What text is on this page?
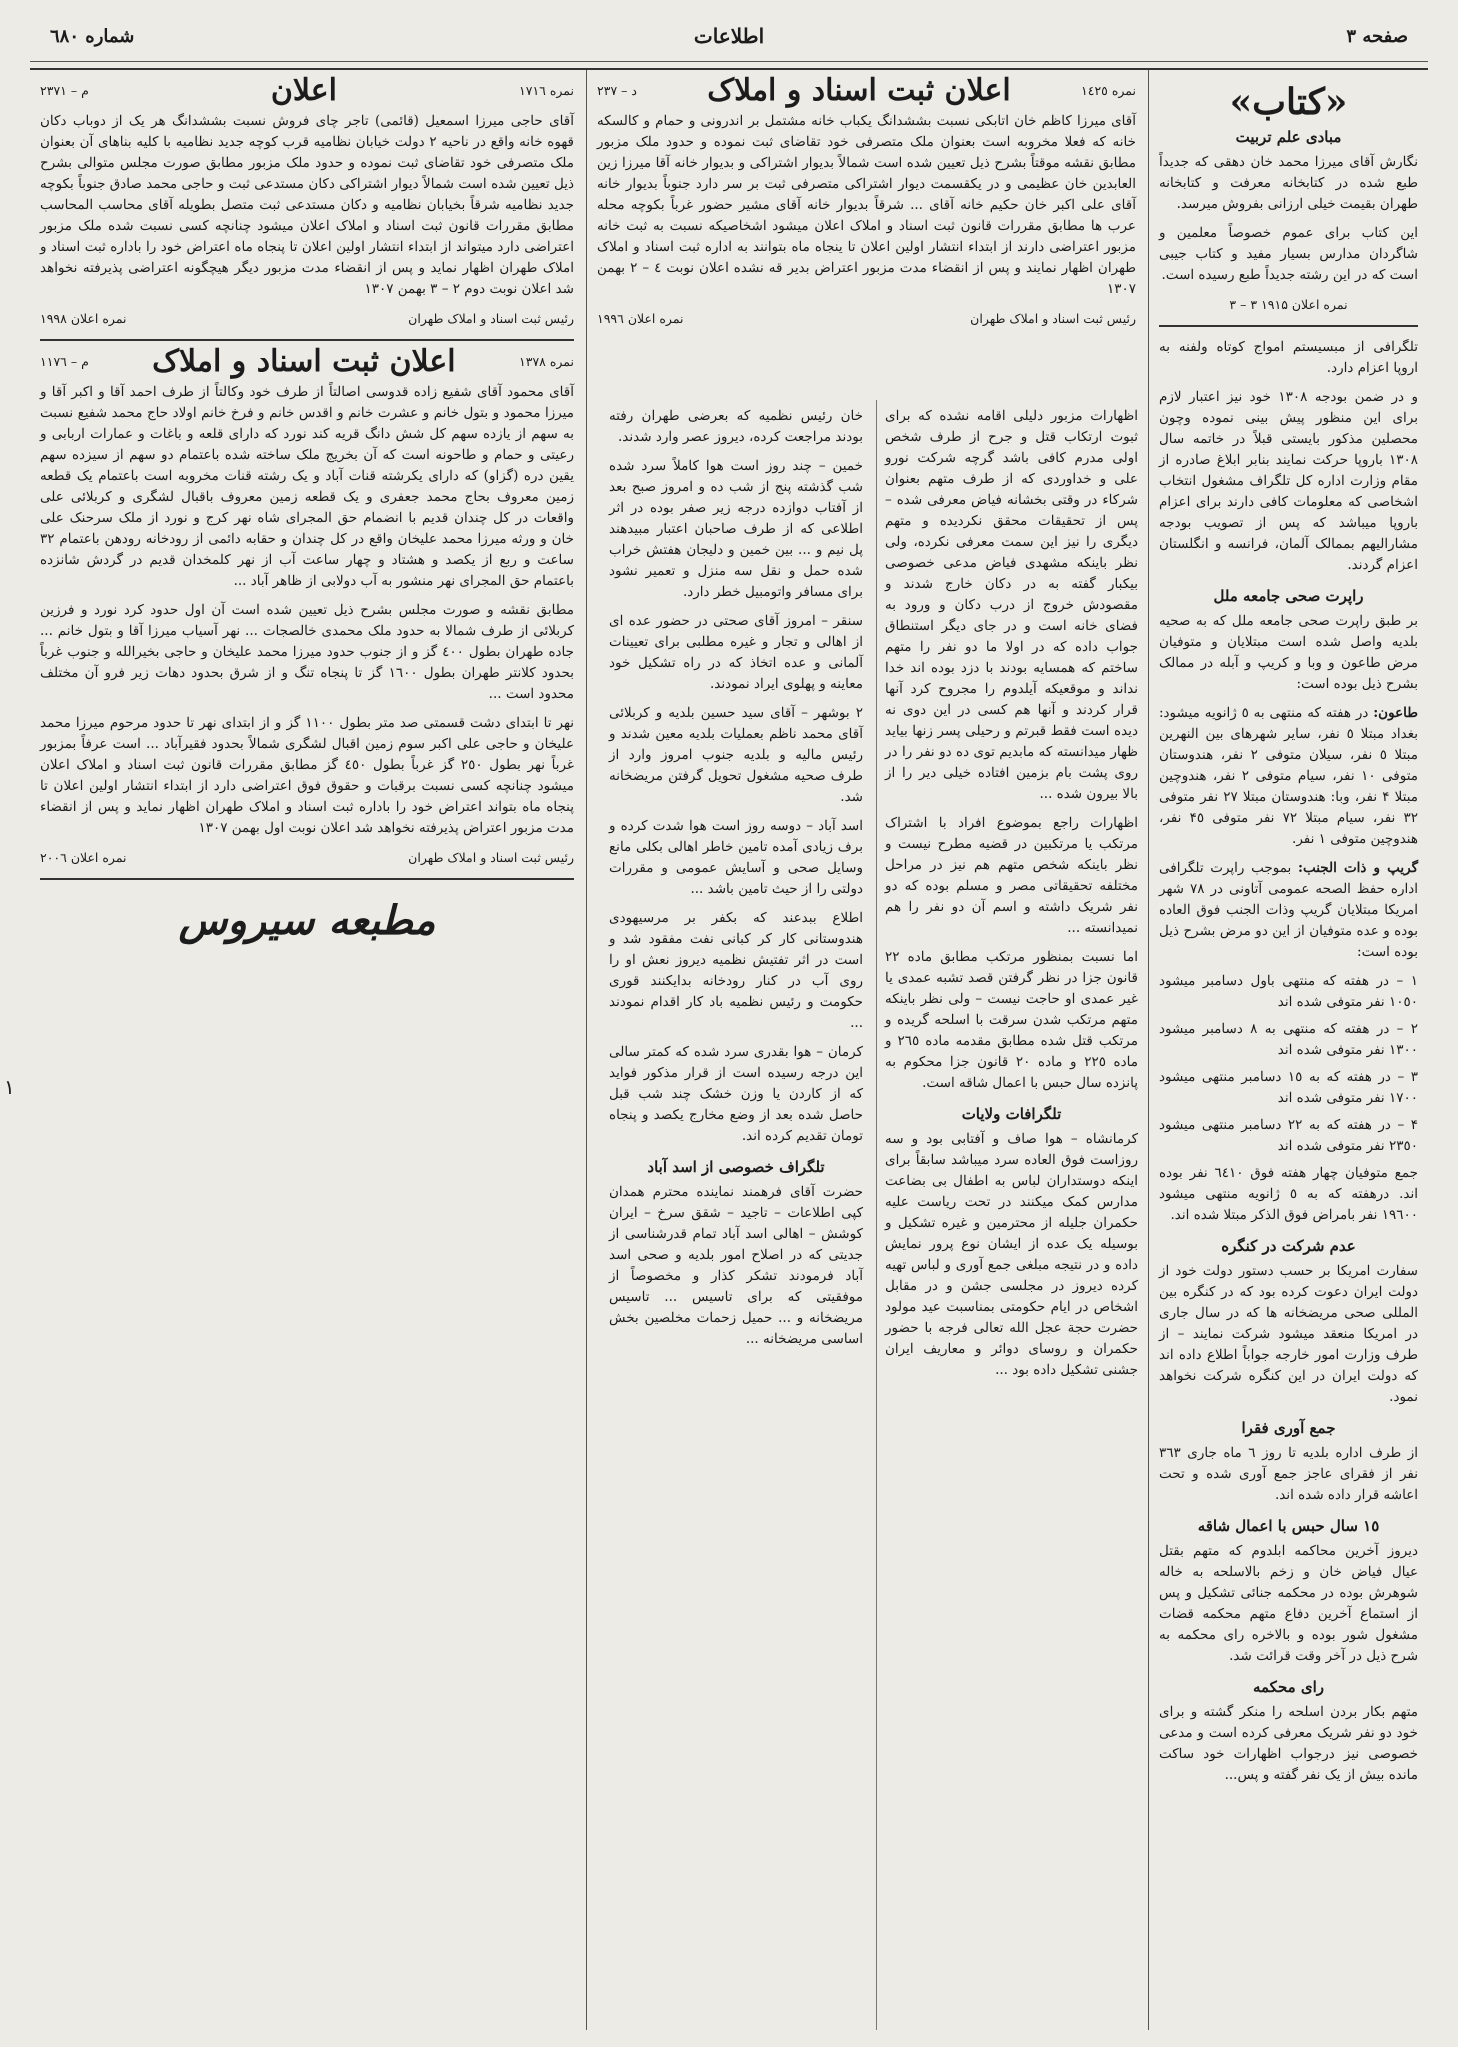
صفحه ٣
اطلاعات
شماره ٦٨٠
«کتاب»
مبادی علم تربیت

نگارش آقای میرزا محمد خان دهقی که جدیداً طبع شده در کتابخانه معرفت و کتابخانه طهران بقیمت خیلی ارزانی بفروش میرسد.

این کتاب برای عموم خصوصاً معلمین و شاگردان مدارس بسیار مفید و کتاب جیبی است که در این رشته جدیداً طبع رسیده است.

نمره اعلان ۱۹۱۵ ٣ – ٣

تلگرافی از مبسیستم امواج کوتاه ولفنه به اروپا اعزام دارد.

و در ضمن بودجه ۱۳۰۸ خود نیز اعتبار لازم برای این منظور پیش بینی نموده وچون محصلین مذکور بایستی قبلاً در خاتمه سال ۱۳۰۸ باروپا حرکت نمایند بنابر ابلاغ صادره از مقام وزارت اداره کل تلگراف مشغول انتخاب اشخاصی که معلومات کافی دارند برای اعزام باروپا میباشد که پس از تصویب بودجه مشاراليهم بممالک آلمان، فرانسه و انگلستان اعزام گردند.

راپرت صحی جامعه ملل

بر طبق راپرت صحی جامعه ملل که به صحیه بلدیه واصل شده است مبتلایان و متوفیان مرض طاعون و وبا و کریپ و آبله در ممالک بشرح ذیل بوده است:

طاعون: در هفته که منتهی به ٥ ژانویه میشود: بغداد مبتلا ٥ نفر، سایر شهرهای بین النهرین مبتلا ٥ نفر، سیلان متوفی ٢ نفر، هندوستان متوفی ١٠ نفر، سیام متوفی ٢ نفر، هندوچین مبتلا ۴ نفر، وبا: هندوستان مبتلا ٢٧ نفر متوفی ٣٢ نفر، سیام مبتلا ٧٢ نفر متوفی ۴٥ نفر، هندوچین متوفی ١ نفر.

گریپ و ذات الجنب: بموجب راپرت تلگرافی اداره حفظ الصحه عمومی آتاونی در ٧٨ شهر امریکا مبتلایان گریپ وذات الجنب فوق العاده بوده و عده متوفیان از این دو مرض بشرح ذیل بوده است:

١ – در هفته که منتهی باول دسامبر میشود ١٠٥٠ نفر متوفی شده اند
٢ – در هفته که منتهی به ٨ دسامبر میشود ١٣٠٠ نفر متوفی شده اند
٣ – در هفته که به ١٥ دسامبر منتهی میشود ١٧٠٠ نفر متوفی شده اند
۴ – در هفته که به ٢٢ دسامبر منتهی میشود ٢٣٥٠ نفر متوفی شده اند

جمع متوفیان چهار هفته فوق ٦٤١٠ نفر بوده اند. درهفته که به ٥ ژانویه منتهی میشود ١٩٦٠٠ نفر بامراض فوق الذکر مبتلا شده اند.

عدم شرکت در کنگره

سفارت امریکا بر حسب دستور دولت خود از دولت ایران دعوت کرده بود که در کنگره بین المللی صحی مریضخانه ها که در سال جاری در امریکا منعقد میشود شرکت نمایند – از طرف وزارت امور خارجه جواباً اطلاع داده اند که دولت ایران در این کنگره شرکت نخواهد نمود.

جمع آوری فقرا

از طرف اداره بلدیه تا روز ٦ ماه جاری ٣٦٣ نفر از فقرای عاجز جمع آوری شده و تحت اعاشه قرار داده شده اند.

١٥ سال حبس با اعمال شاقه

دیروز آخرین محاکمه ابلدوم که متهم بقتل عیال فیاض خان و زخم بالاسلحه به خاله شوهرش بوده در محکمه جنائی تشکیل و پس از استماع آخرین دفاع متهم محکمه قضات مشغول شور بوده و بالاخره رای محکمه به شرح ذیل در آخر وقت قرائت شد.

رای محکمه

متهم بکار بردن اسلحه را منکر گشته و برای خود دو نفر شریک معرفی کرده است و مدعی خصوصی نیز درجواب اظهارات خود ساکت مانده بیش از یک نفر گفته و پس...

نمره ١٤٢٥
اعلان ثبت اسناد و املاک
د – ٢٣٧

آقای میرزا کاظم خان اتابکی نسبت بششدانگ یکباب خانه مشتمل بر اندرونی و حمام و کالسکه خانه که فعلا مخروبه است بعنوان ملک متصرفی خود تقاضای ثبت نموده و حدود ملک مزبور مطابق نقشه موقتاً بشرح ذیل تعیین شده است شمالاً بدیوار اشتراکی و بدیوار خانه آقا میرزا زین العابدین خان عظیمی و در یکقسمت دیوار اشتراکی متصرفی ثبت بر سر دارد جنوباً بدیوار خانه آقای علی اکبر خان حکیم خانه آقای ... شرقاً بدیوار خانه آقای مشیر حضور غرباً بکوچه محله عرب ها مطابق مقررات قانون ثبت اسناد و املاک اعلان میشود اشخاصیکه نسبت به ثبت خانه مزبور اعتراضی دارند از ابتداء انتشار اولین اعلان تا ینجاه ماه بتوانند به اداره ثبت اسناد و املاک طهران اظهار نمایند و پس از انقضاء مدت مزبور اعتراض بدیر قه نشده اعلان نوبت ٤ – ٢ بهمن ١٣٠٧

رئیس ثبت اسناد و املاک طهران
نمره اعلان ١٩٩٦

اظهارات مزبور دلیلی اقامه نشده که برای ثبوت ارتکاب قتل و جرح از طرف شخص اولی مدرم کافی باشد گرچه شرکت نورو علی و خداوردی که از طرف متهم بعنوان شرکاء در وقتی بخشانه فیاض معرفی شده – پس از تحقیقات محقق نکردیده و متهم دیگری را نیز این سمت معرفی نکرده، ولی نظر باینکه مشهدی فیاض مدعی خصوصی بیکبار گفته به در دکان خارج شدند و مقصودش خروج از درب دکان و ورود به فضای خانه است و در جای دیگر استنطاق جواب داده که در اولا ما دو نفر را متهم ساختم که همسایه بودند با دزد بوده اند خدا نداند و موقعیکه آیلدوم را مجروح کرد آنها قرار کردند و آنها هم کسی در این دوی نه دیده است فقط قبرتم و رحیلی پسر زنها بیاید ظهار میدانسته که مابدیم توی ده دو نفر را در روی پشت بام بزمین افتاده خیلی دیر را از بالا بیرون شده ...

اظهارات راجع بموضوع افراد با اشتراک مرتکب یا مرتکبین در قضیه مطرح نیست و نظر باینکه شخص متهم هم نیز در مراحل مختلفه تحقیقاتی مصر و مسلم بوده که دو نفر شریک داشته و اسم آن دو نفر را هم نمیدانسته ...

اما نسبت بمنظور مرتکب مطابق ماده ۲۲ قانون جزا در نظر گرفتن قصد تشبه عمدی یا غیر عمدی او حاجت نیست – ولی نظر باینکه متهم مرتکب شدن سرقت با اسلحه گریده و مرتکب قتل شده مطابق مقدمه ماده ٢٦٥ و ماده ٢٢٥ و ماده ٢٠ قانون جزا محکوم به پانزده سال حبس با اعمال شاقه است.

تلگرافات ولایات

کرمانشاه – هوا صاف و آفتابی بود و سه روزاست فوق العاده سرد میباشد سابقاً برای اینکه دوستداران لباس به اطفال بی بضاعت مدارس کمک میکنند در تحت ریاست علیه حکمران جلیله از محترمین و غیره تشکیل و بوسیله یک عده از ایشان نوع پرور نمایش داده و در نتیجه مبلغی جمع آوری و لباس تهیه کرده دیروز در مجلسی جشن و در مقابل اشخاص در ایام حکومتی بمناسبت عید مولود حضرت حجة عجل الله تعالی فرجه با حضور حکمران و روسای دوائر و معاریف ایران جشنی تشکیل داده بود ...

خان رئیس نظمیه که بعرضی طهران رفته بودند مراجعت کرده، دیروز عصر وارد شدند.

خمین – چند روز است هوا کاملاً سرد شده شب گذشته پنج از شب ده و امروز صبح بعد از آفتاب دوازده درجه زیر صفر بوده در اثر اطلاعی که از طرف صاحبان اعتبار مبیدهند پل نیم و ... بین خمین و دلیجان هفتش خراب شده حمل و نقل سه منزل و تعمیر نشود برای مسافر واتومبیل خطر دارد.

سنقر – امروز آقای صحتی در حضور عده ای از اهالی و تجار و غیره مطلبی برای تعیینات آلمانی و عده اتخاذ که در راه تشکیل خود معاینه و پهلوی ایراد نمودند.

٢ بوشهر – آقای سید حسین بلدیه و کربلائی آقای محمد ناظم بعملیات بلدیه معین شدند و رئیس مالیه و بلدیه جنوب امروز وارد از طرف صحیه مشغول تحویل گرفتن مریضخانه شد.

اسد آباد – دوسه روز است هوا شدت کرده و برف زیادی آمده تامین خاطر اهالی بکلی مانع وسایل صحی و آسایش عمومی و مقررات دولتی را از حیث تامین باشد ...

اطلاع ببدعند که بکفر بر مرسیهودی هندوستانی کار کر کبانی نفت مفقود شد و است در اثر تفتیش نظمیه دیروز نعش او را روی آب در کنار رودخانه بدایکنند قوری حکومت و رئیس نظمیه باد کار اقدام نمودند ...

کرمان – هوا بقدری سرد شده که کمتر سالی این درجه رسیده است از قرار مذکور فواید که از کاردن یا وزن خشک چند شب قبل حاصل شده بعد از وضع مخارج یکصد و پنجاه تومان تقدیم کرده اند.

تلگراف خصوصی از اسد آباد

حضرت آقای فرهمند نماینده محترم همدان کپی اطلاعات – تاجید – شقق سرخ – ایران کوشش – اهالی اسد آباد تمام قدرشناسی از جدیتی که در اصلاح امور بلدیه و صحی اسد آباد فرمودند تشکر کذار و مخصوصاً از موفقیتی که برای تاسیس ... تاسیس مریضخانه و ... حمیل زحمات مخلصین بخش اساسی مریضخانه ...

نمره ١٧١٦
اعلان
م – ٢٣٧١

آقای حاجی میرزا اسمعیل (قائمی) تاجر چای فروش نسبت بششدانگ هر یک از دوباب دکان قهوه خانه واقع در ناحیه ٢ دولت خیابان نظامیه قرب کوچه جدید نظامیه با کلیه بناهای آن بعنوان ملک متصرفی خود تقاضای ثبت نموده و حدود ملک مزبور مطابق صورت مجلس متوالی بشرح ذیل تعیین شده است شمالاً دیوار اشتراکی دکان مستدعی ثبت و حاجی محمد صادق جنوباً بکوچه جدید نظامیه شرقاً بخیابان نظامیه و دکان مستدعی ثبت متصل بطویله آقای محاسب المحاسب مطابق مقررات قانون ثبت اسناد و املاک اعلان میشود چنانچه کسی نسبت شده ملک مزبور اعتراضی دارد میتواند از ابتداء انتشار اولین اعلان تا پنجاه ماه اعتراض خود را باداره ثبت اسناد و املاک طهران اظهار نماید و پس از انقضاء مدت مزبور دیگر هیچگونه اعتراضی پذیرفته نخواهد شد اعلان نوبت دوم ٢ – ٣ بهمن ١٣٠٧

رئیس ثبت اسناد و املاک طهران
نمره اعلان ١٩٩٨
نمره ١٣٧٨
اعلان ثبت اسناد و املاک
م – ١١٧٦

آقای محمود آقای شفیع زاده قدوسی اصالتاً از طرف خود وکالتاً از طرف احمد آقا و اکبر آقا و میرزا محمود و بتول خانم و عشرت خانم و اقدس خانم و فرخ خانم اولاد حاج محمد شفیع نسبت به سهم از یازده سهم کل شش دانگ قریه کند نورد که دارای قلعه و باغات و عمارات اربابی و رعیتی و حمام و طاحونه است که آن بخریج ملک ساخته شده باعتمام دو سهم از سیزده سهم یقین دره (گزاو) که دارای یکرشته قنات آباد و یک رشته قنات مخروبه است باعتمام یک قطعه زمین معروف بحاج محمد جعفری و یک قطعه زمین معروف باقبال لشگری و کربلائی علی واقعات در کل چندان قدیم با انضمام حق المجرای شاه نهر کرج و نورد از ملک سرحنک علی خان و ورثه میرزا محمد علیخان واقع در کل چندان و حقابه دائمی از رودخانه رودهن باعتمام ٣٢ ساعت و ربع از یکصد و هشتاد و چهار ساعت آب از نهر کلمخدان قدیم در گردش شانزده باعتمام حق المجرای نهر منشور به آب دولابی از ظاهر آباد ...

مطابق نقشه و صورت مجلس بشرح ذیل تعیین شده است آن اول حدود کرد نورد و فرزین کربلائی از طرف شمالا به حدود ملک محمدی خالصجات ... نهر آسیاب میرزا آقا و بتول خانم ... جاده طهران بطول ٤٠٠ گز و از جنوب حدود میرزا محمد علیخان و حاجی بخیرالله و جنوب غرباً بحدود کلانتر طهران بطول ١٦٠٠ گز تا پنجاه تنگ و از شرق بحدود دهات زیر فرو آن مختلف محدود است ...

نهر تا ابتدای دشت قسمتی صد متر بطول ١١٠٠ گز و از ابتدای نهر تا حدود مرحوم میرزا محمد علیخان و حاجی علی اکبر سوم زمین اقبال لشگری شمالاً بحدود فقیرآباد ... است عرفاً بمزبور غرباً نهر بطول ٢٥٠ گز غرباً بطول ٤٥٠ گز مطابق مقررات قانون ثبت اسناد و املاک اعلان میشود چنانچه کسی نسبت برقبات و حقوق فوق اعتراضی دارد از ابتداء انتشار اولین اعلان تا پنجاه ماه بتواند اعتراض خود را باداره ثبت اسناد و املاک طهران اظهار نماید و پس از انقضاء مدت مزبور اعتراض پذیرفته نخواهد شد اعلان نوبت اول بهمن ١٣٠٧

رئیس ثبت اسناد و املاک طهران
نمره اعلان ٢٠٠٦
مطبعه سیروس
١
